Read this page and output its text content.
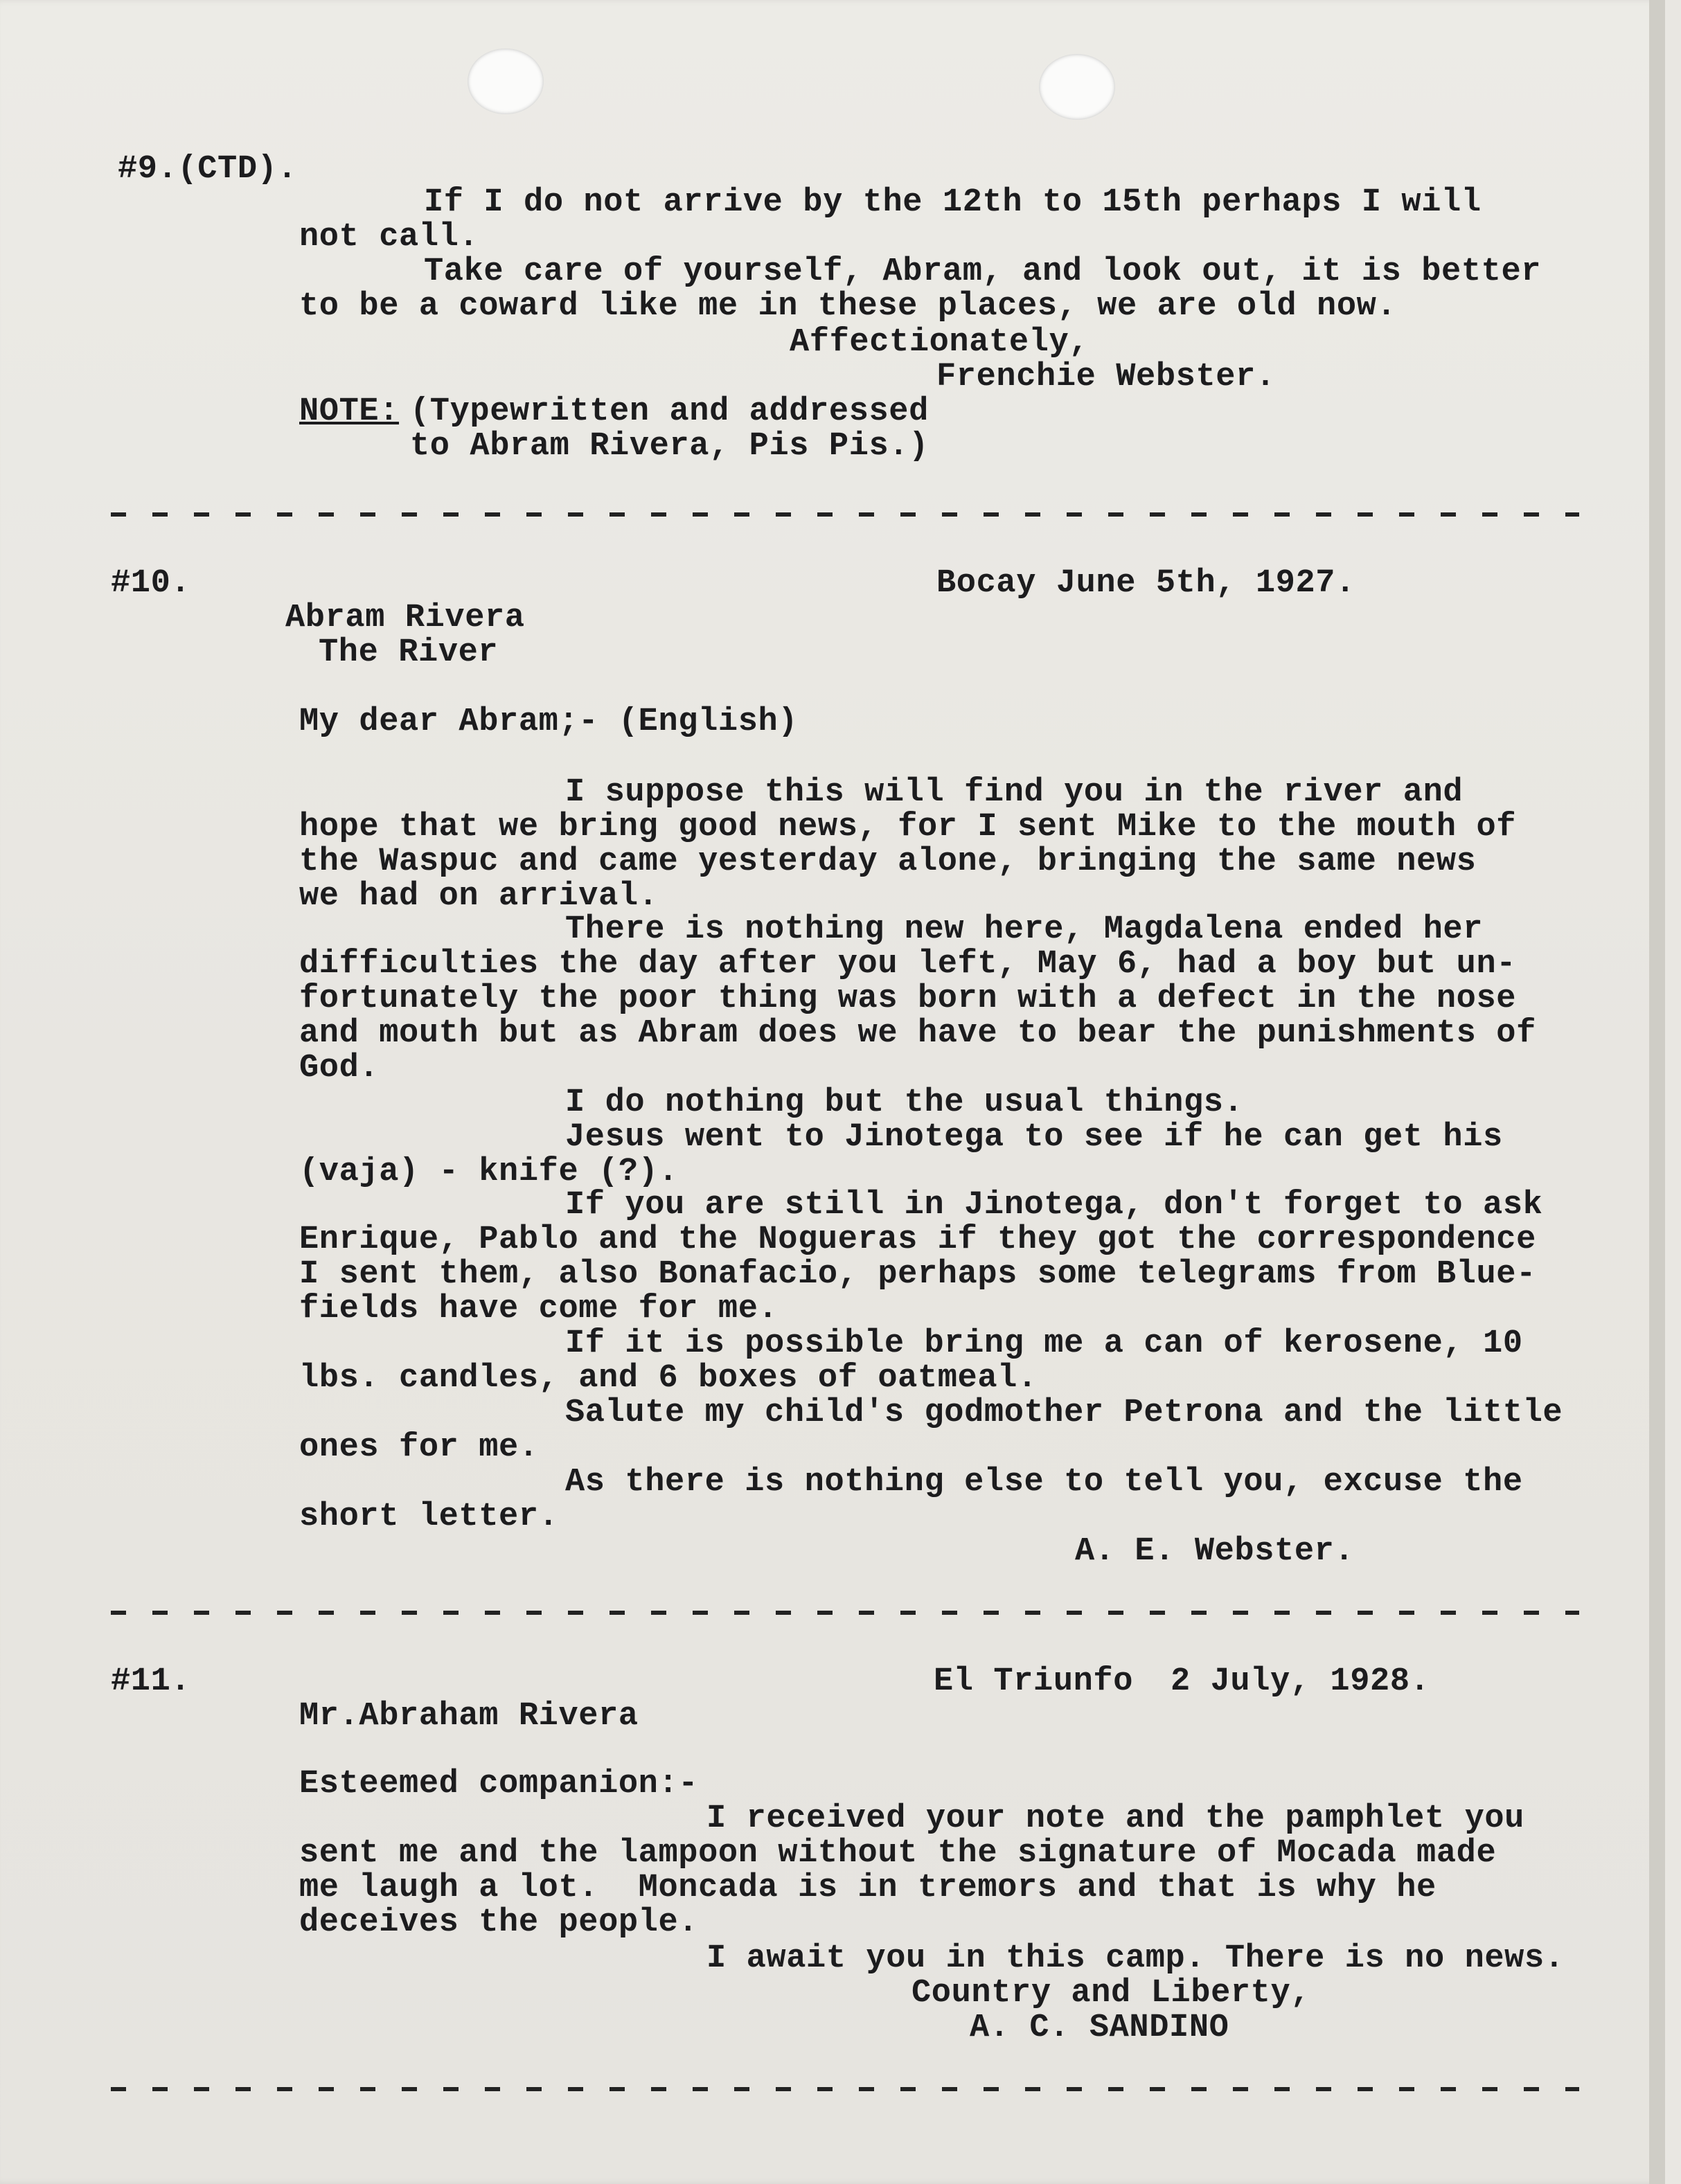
#9.(CTD).
If I do not arrive by the 12th to 15th perhaps I will
not call.
Take care of yourself, Abram, and look out, it is better
to be a coward like me in these places, we are old now.
Affectionately,
Frenchie Webster.
NOTE: (Typewritten and addressed
to Abram Rivera, Pis Pis.)
#10.	Bocay June 5th, 1927.
Abram Rivera
The River
My dear Abram;- (English)
I suppose this will find you in the river and
hope that we bring good news, for I sent Mike to the mouth of
the Waspuc and came yesterday alone, bringing the same news
we had on arrival.
There is nothing new here, Magdalena ended her
difficulties the day after you left, May 6, had a boy but un-
fortunately the poor thing was born with a defect in the nose
and mouth but as Abram does we have to bear the punishments of
God.
I do nothing but the usual things.
Jesus went to Jinotega to see if he can get his
(vaja) - knife (?).
If you are still in Jinotega, don't forget to ask
Enrique, Pablo and the Nogueras if they got the correspondence
I sent them, also Bonafacio, perhaps some telegrams from Blue-
fields have come for me.
If it is possible bring me a can of kerosene, 10
lbs. candles, and 6 boxes of oatmeal.
Salute my child's godmother Petrona and the little
ones for me.
As there is nothing else to tell you, excuse the
short letter.
A. E. Webster.
#11.	El Triunfo 2 July, 1928.
Mr.Abraham Rivera
Esteemed companion:-
I received your note and the pamphlet you
sent me and the lampoon without the signature of Mocada made
me laugh a lot.  Moncada is in tremors and that is why he
deceives the people.
I await you in this camp. There is no news.
Country and Liberty,
A. C. SANDINO
